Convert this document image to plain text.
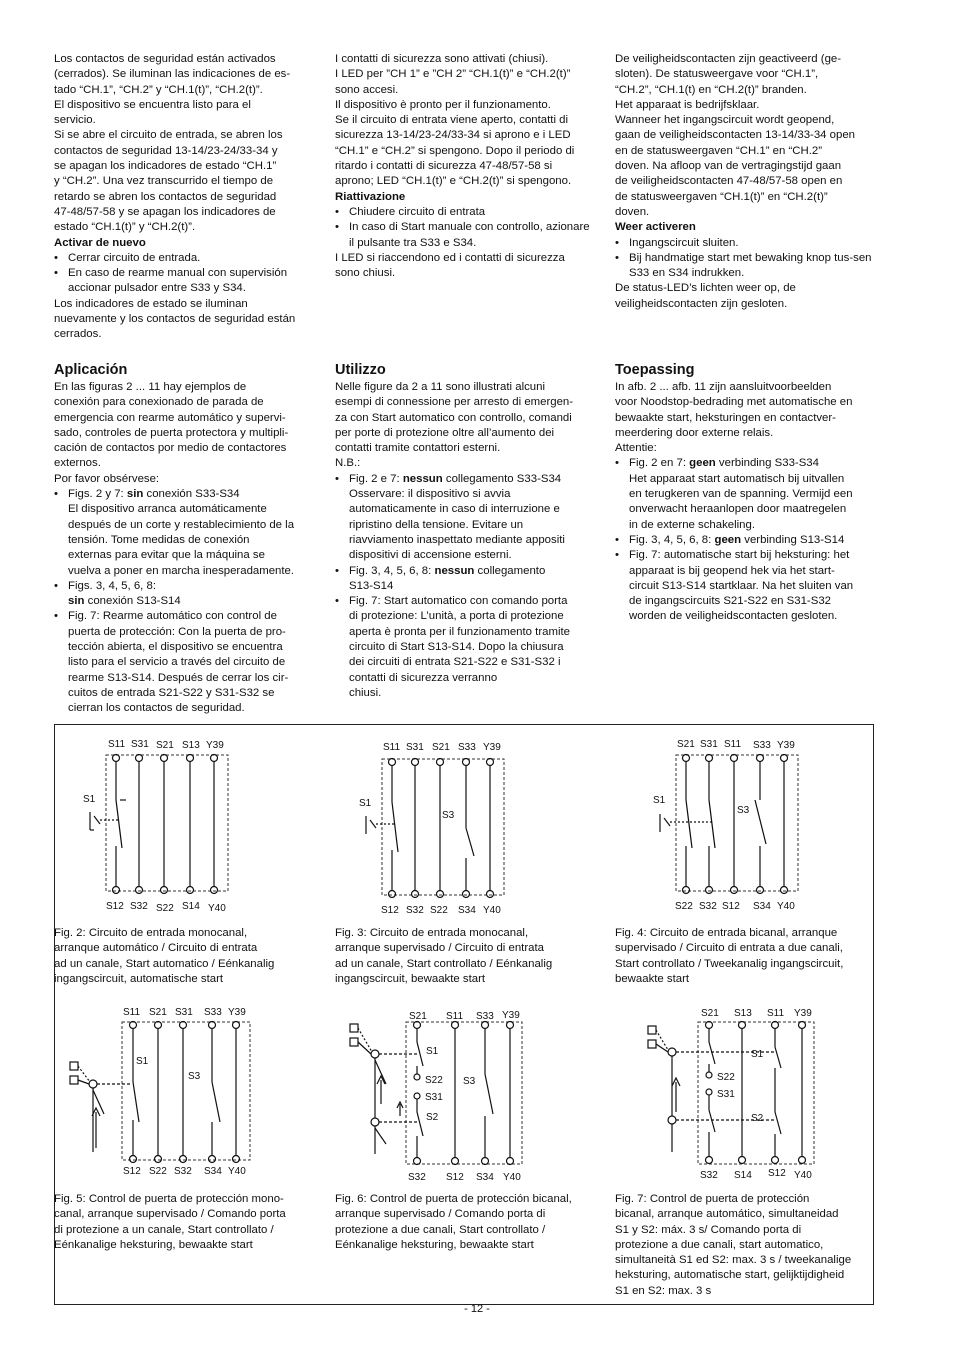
Los contactos de seguridad están activados

(cerrados). Se iluminan las indicaciones de es-

tado “CH.1”, “CH.2” y “CH.1(t)”, “CH.2(t)”.

El dispositivo se encuentra listo para el

servicio.

Si se abre el circuito de entrada, se abren los

contactos de seguridad 13-14/23-24/33-34 y

se apagan los indicadores de estado “CH.1”

y “CH.2”. Una vez transcurrido el tiempo de

retardo se abren los contactos de seguridad

47-48/57-58 y se apagan los indicadores de

estado “CH.1(t)” y “CH.2(t)”.

Activar de nuevo

• Cerrar circuito de entrada.
• En caso de rearme manual con supervisión accionar pulsador entre S33 y S34.

Los indicadores de estado se iluminan

nuevamente y los contactos de seguridad están

cerrados.

I contatti di sicurezza sono attivati (chiusi).

I LED per ”CH 1” e ”CH 2” “CH.1(t)” e “CH.2(t)”

sono accesi.

Il dispositivo è pronto per il funzionamento.

Se il circuito di entrata viene aperto, contatti di

sicurezza 13-14/23-24/33-34 si aprono e i LED

“CH.1” e “CH.2” si spengono. Dopo il periodo di

ritardo i contatti di sicurezza 47-48/57-58 si

aprono; LED “CH.1(t)” e “CH.2(t)” si spengono.

Riattivazione

• Chiudere circuito di entrata
• In caso di Start manuale con controllo, azionare il pulsante tra S33 e S34.

I LED si riaccendono ed i contatti di sicurezza

sono chiusi.

De veiligheidscontacten zijn geactiveerd (ge-

sloten). De statusweergave voor “CH.1”,

“CH.2”, “CH.1(t) en “CH.2(t)” branden.

Het apparaat is bedrijfsklaar.

Wanneer het ingangscircuit wordt geopend,

gaan de veiligheidscontacten 13-14/33-34 open

en de statusweergaven “CH.1” en “CH.2”

doven. Na afloop van de vertragingstijd gaan

de veiligheidscontacten 47-48/57-58 open en

de statusweergaven “CH.1(t)” en “CH.2(t)”

doven.

Weer activeren

• Ingangscircuit sluiten.
• Bij handmatige start met bewaking knop tus-sen S33 en S34 indrukken.

De status-LED’s lichten weer op, de

veiligheidscontacten zijn gesloten.

Aplicación	Utilizzo	Toepassing

En las figuras 2 ... 11 hay ejemplos de

conexión para conexionado de parada de

emergencia con rearme automático y supervi-

sado, controles de puerta protectora y multipli-

cación de contactos por medio de contactores

externos.

Por favor obsérvese:

• Figs. 2 y 7: sin conexión S33-S34

El dispositivo arranca automáticamente

después de un corte y restablecimiento de la

tensión. Tome medidas de conexión

externas para evitar que la máquina se

vuelva a poner en marcha inesperadamente.

• Figs. 3, 4, 5, 6, 8:

sin conexión S13-S14

• Fig. 7: Rearme automático con control de

puerta de protección: Con la puerta de pro-

tección abierta, el dispositivo se encuentra

listo para el servicio a través del circuito de

rearme S13-S14. Después de cerrar los cir-

cuitos de entrada S21-S22 y S31-S32 se

cierran los contactos de seguridad.

Nelle figure da 2 a 11 sono illustrati alcuni

esempi di connessione per arresto di emergen-

za con Start automatico con controllo, comandi

per porte di protezione oltre all’aumento dei

contatti tramite contattori esterni.

N.B.:

• Fig. 2 e 7: nessun collegamento S33-S34

Osservare: il dispositivo si avvia

automaticamente in caso di interruzione e

ripristino della tensione. Evitare un

riavviamento inaspettato mediante appositi

dispositivi di accensione esterni.

• Fig. 3, 4, 5, 6, 8: nessun collegamento

S13-S14

• Fig. 7: Start automatico con comando porta

di protezione: L’unità, a porta di protezione

aperta è pronta per il funzionamento tramite

circuito di Start S13-S14. Dopo la chiusura

dei circuiti di entrata S21-S22 e S31-S32 i

contatti di sicurezza verranno

chiusi.

In afb. 2 ... afb. 11 zijn aansluitvoorbeelden

voor Noodstop-bedrading met automatische en

bewaakte start, heksturingen en contactver-

meerdering door externe relais.

Attentie:

• Fig. 2 en 7: geen verbinding S33-S34

Het apparaat start automatisch bij uitvallen

en terugkeren van de spanning. Vermijd een

onverwacht heraanlopen door maatregelen

in de externe schakeling.

• Fig. 3, 4, 5, 6, 8: geen verbinding S13-S14

• Fig. 7: automatische start bij heksturing: het

apparaat is bij geopend hek via het start-

circuit S13-S14 startklaar. Na het sluiten van

de ingangscircuits S21-S22 en S31-S32

worden de veiligheidscontacten gesloten.

S11 S31 S21 S13 Y39
S12 S32 S22 S14 Y40
S1

Fig. 2: Circuito de entrada monocanal,

arranque automático / Circuito di entrata

ad un canale, Start automatico / Eénkanalig

ingangscircuit, automatische start

S11 S31 S21 S33 Y39
S12 S32 S22 S34 Y40
S1
S3

Fig. 3: Circuito de entrada monocanal,

arranque supervisado / Circuito di entrata

ad un canale, Start controllato / Eénkanalig

ingangscircuit, bewaakte start

S21 S31 S11 S33 Y39
S22 S32 S12 S34 Y40
S1
S3

Fig. 4: Circuito de entrada bicanal, arranque

supervisado / Circuito di entrata a due canali,

Start controllato / Tweekanalig ingangscircuit,

bewaakte start

S11 S21 S31 S33 Y39
S12 S22 S32 S34 Y40
S1
S3

Fig. 5: Control de puerta de protección mono-

canal, arranque supervisado / Comando porta

di protezione a un canale, Start controllato /

Eénkanalige heksturing, bewaakte start

S21 S11 S33 Y39
S32 S12 S34 Y40
S1
S22
S31
S2
S3

Fig. 6: Control de puerta de protección bicanal,

arranque supervisado / Comando porta di

protezione a due canali, Start controllato /

Eénkanalige heksturing, bewaakte start

S21 S13 S11 Y39
S32 S14 S12 Y40
S1
S22
S31
S2

Fig. 7: Control de puerta de protección

bicanal, arranque automático, simultaneidad

S1 y S2: máx. 3 s/ Comando porta di

protezione a due canali, start automatico,

simultaneità S1 ed S2: max. 3 s / tweekanalige

heksturing, automatische start, gelijktijdigheid

S1 en S2: max. 3 s

- 12 -
